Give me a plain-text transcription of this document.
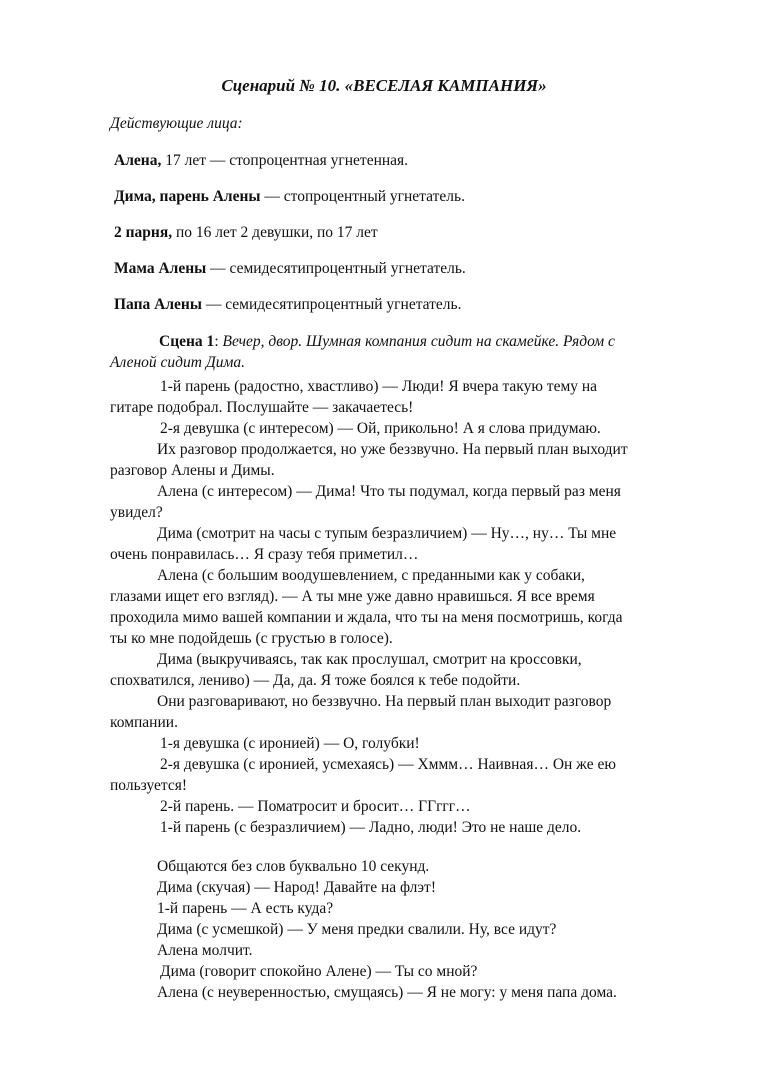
Сценарий № 10. «ВЕСЕЛАЯ КАМПАНИЯ»
Действующие лица:
Алена, 17 лет — стопроцентная угнетенная.
Дима, парень Алены — стопроцентный угнетатель.
2 парня, по 16 лет 2 девушки, по 17 лет
Мама Алены — семидесятипроцентный угнетатель.
Папа Алены — семидесятипроцентный угнетатель.
Сцена 1: Вечер, двор. Шумная компания сидит на скамейке. Рядом с
Аленой сидит Дима.
1-й парень (радостно, хвастливо) — Люди! Я вчера такую тему на
гитаре подобрал. Послушайте — закачаетесь!
2-я девушка (с интересом) — Ой, прикольно! А я слова придумаю.
Их разговор продолжается, но уже беззвучно. На первый план выходит
разговор Алены и Димы.
Алена (с интересом) — Дима! Что ты подумал, когда первый раз меня
увидел?
Дима (смотрит на часы с тупым безразличием) — Ну…, ну… Ты мне
очень понравилась… Я сразу тебя приметил…
Алена (с большим воодушевлением, с преданными как у собаки,
глазами ищет его взгляд). — А ты мне уже давно нравишься. Я все время
проходила мимо вашей компании и ждала, что ты на меня посмотришь, когда
ты ко мне подойдешь (с грустью в голосе).
Дима (выкручиваясь, так как прослушал, смотрит на кроссовки,
спохватился, лениво) — Да, да. Я тоже боялся к тебе подойти.
Они разговаривают, но беззвучно. На первый план выходит разговор
компании.
1-я девушка (с иронией) — О, голубки!
2-я девушка (с иронией, усмехаясь) — Хммм… Наивная… Он же ею
пользуется!
2-й парень. — Поматросит и бросит… ГГггг…
1-й парень (с безразличием) — Ладно, люди! Это не наше дело.
Общаются без слов буквально 10 секунд.
Дима (скучая) — Народ! Давайте на флэт!
1-й парень — А есть куда?
Дима (с усмешкой) — У меня предки свалили. Ну, все идут?
Алена молчит.
Дима (говорит спокойно Алене) — Ты со мной?
Алена (с неуверенностью, смущаясь) — Я не могу: у меня папа дома.
